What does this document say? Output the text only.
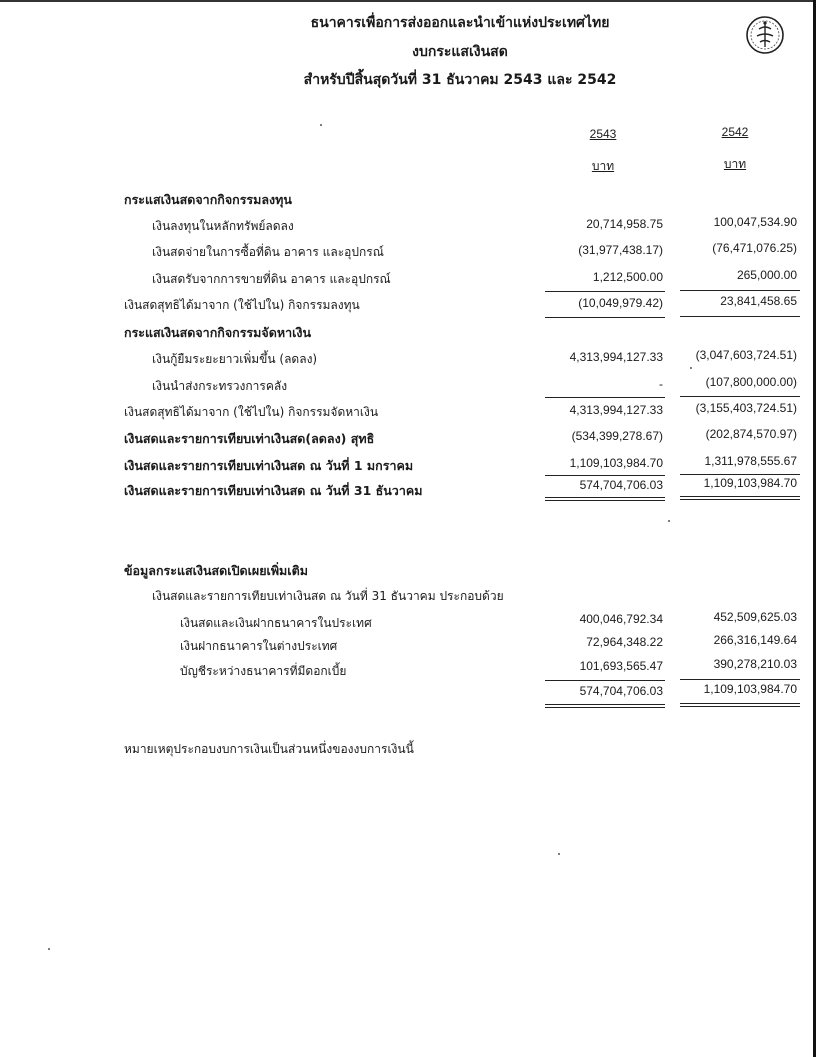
ธนาคารเพื่อการส่งออกและนำเข้าแห่งประเทศไทย
งบกระแสเงินสด
สำหรับปีสิ้นสุดวันที่ 31 ธันวาคม 2543 และ 2542
2543	2542
บาท	บาท
กระแสเงินสดจากกิจกรรมลงทุน
เงินลงทุนในหลักทรัพย์ลดลง	20,714,958.75	100,047,534.90
เงินสดจ่ายในการซื้อที่ดิน อาคาร และอุปกรณ์	(31,977,438.17)	(76,471,076.25)
เงินสดรับจากการขายที่ดิน อาคาร และอุปกรณ์	1,212,500.00	265,000.00
เงินสดสุทธิได้มาจาก (ใช้ไปใน) กิจกรรมลงทุน	(10,049,979.42)	23,841,458.65
กระแสเงินสดจากกิจกรรมจัดหาเงิน
เงินกู้ยืมระยะยาวเพิ่มขึ้น (ลดลง)	4,313,994,127.33	(3,047,603,724.51)
เงินนำส่งกระทรวงการคลัง	-	(107,800,000.00)
เงินสดสุทธิได้มาจาก (ใช้ไปใน) กิจกรรมจัดหาเงิน	4,313,994,127.33	(3,155,403,724.51)
เงินสดและรายการเทียบเท่าเงินสด(ลดลง) สุทธิ	(534,399,278.67)	(202,874,570.97)
เงินสดและรายการเทียบเท่าเงินสด ณ วันที่ 1 มกราคม	1,109,103,984.70	1,311,978,555.67
เงินสดและรายการเทียบเท่าเงินสด ณ วันที่ 31 ธันวาคม	574,704,706.03	1,109,103,984.70
ข้อมูลกระแสเงินสดเปิดเผยเพิ่มเติม
เงินสดและรายการเทียบเท่าเงินสด ณ วันที่ 31 ธันวาคม ประกอบด้วย
เงินสดและเงินฝากธนาคารในประเทศ	400,046,792.34	452,509,625.03
เงินฝากธนาคารในต่างประเทศ	72,964,348.22	266,316,149.64
บัญชีระหว่างธนาคารที่มีดอกเบี้ย	101,693,565.47	390,278,210.03
574,704,706.03	1,109,103,984.70
หมายเหตุประกอบงบการเงินเป็นส่วนหนึ่งของงบการเงินนี้
